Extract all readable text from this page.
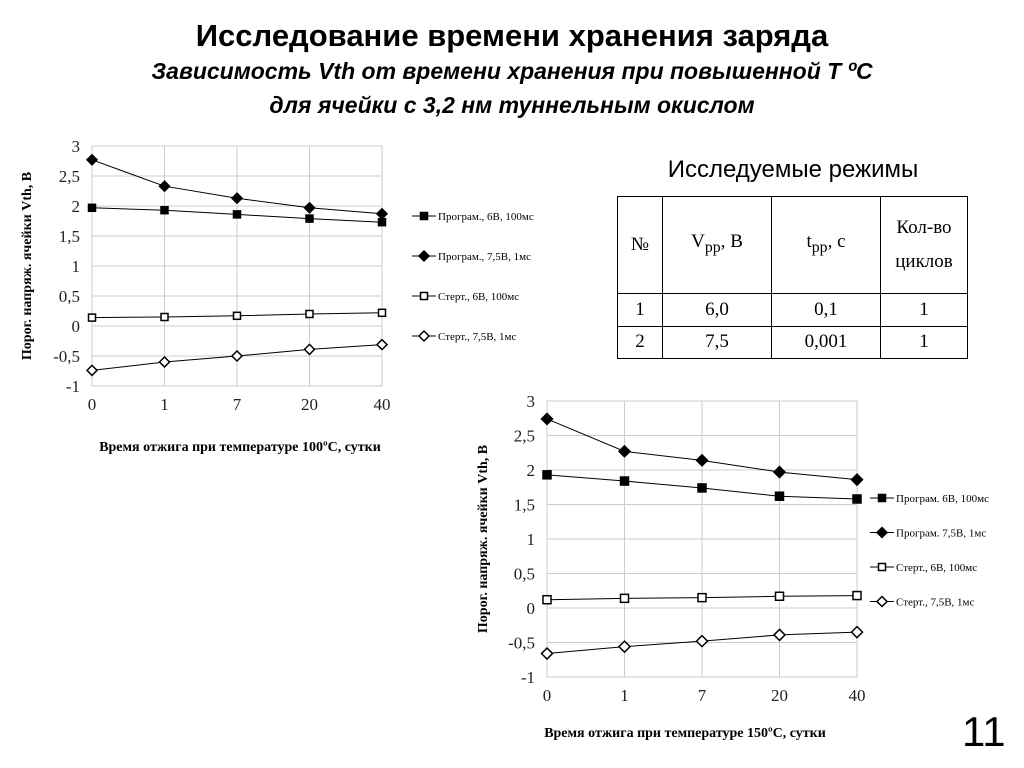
Исследование времени хранения заряда
Зависимость Vth от времени хранения при повышенной Т ºС
для ячейки с 3,2 нм туннельным окислом
-1
-0,5
0
0,5
1
1,5
2
2,5
3
0	1	7	20	40
Програм., 6В, 100мс
Програм., 7,5В, 1мс
Стерт., 6В, 100мс
Стерт., 7,5В, 1мс
Время отжига при температуре 100ºС, сутки
Порог. напряж. ячейки Vth, В
-1
-0,5
0
0,5
1
1,5
2
2,5
3
0	1	7	20	40
Програм. 6В, 100мс
Програм. 7,5В, 1мс
Стерт., 6В, 100мс
Стерт., 7,5В, 1мс
Время отжига при температуре 150ºС, сутки
Порог. напряж. ячейки Vth, В
Исследуемые режимы
№	$V_{pp}$, В	$t_{pp}$, с	Кол-во
циклов
1	6,0	0,1	1
2	7,5	0,001	1
11
